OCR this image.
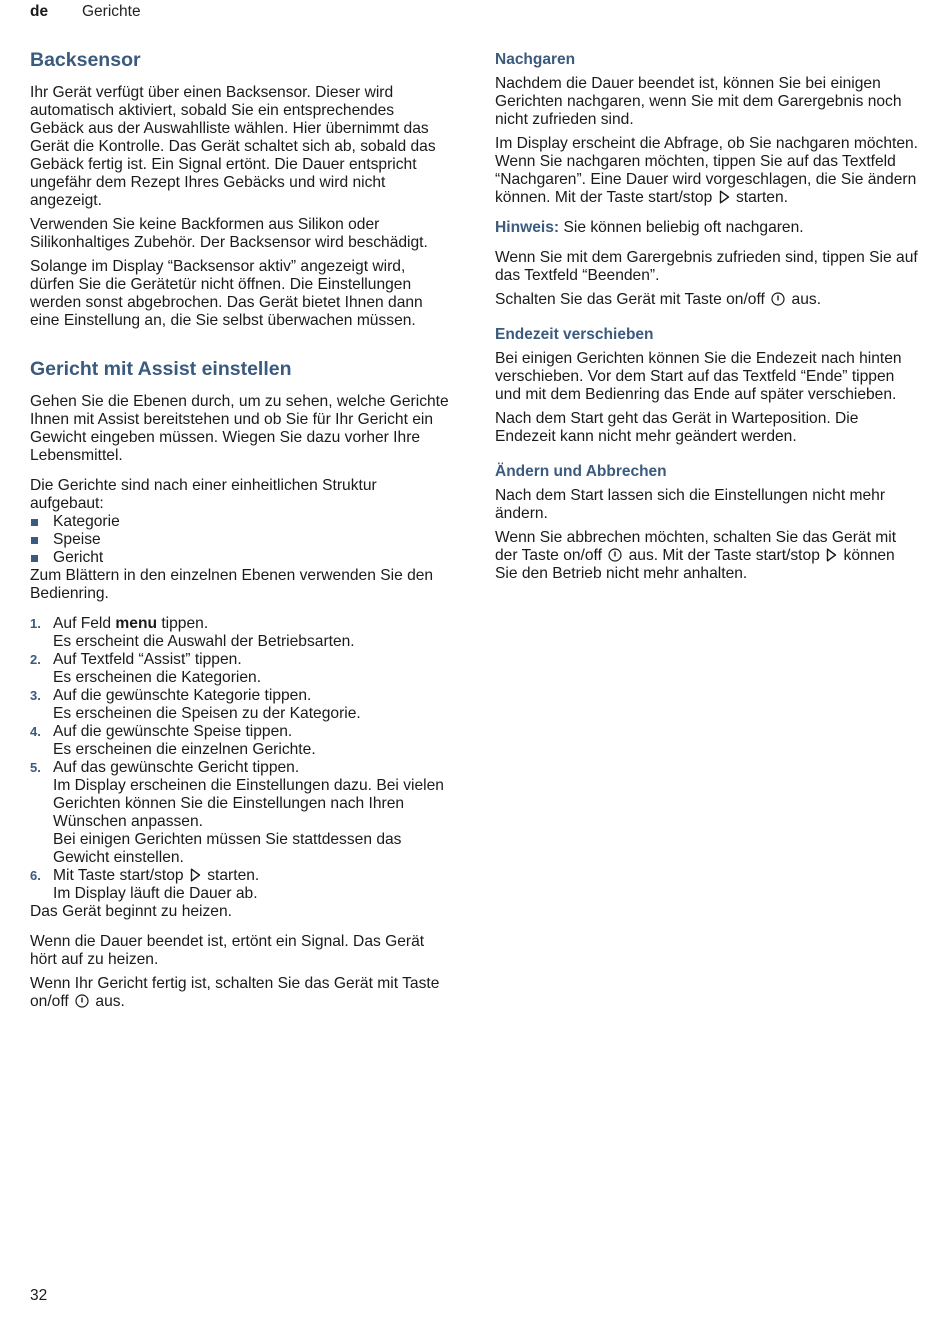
de	Gerichte
Backsensor

Ihr Gerät verfügt über einen Backsensor. Dieser wird automatisch aktiviert, sobald Sie ein entsprechendes Gebäck aus der Auswahlliste wählen. Hier übernimmt das Gerät die Kontrolle. Das Gerät schaltet sich ab, sobald das Gebäck fertig ist. Ein Signal ertönt. Die Dauer entspricht ungefähr dem Rezept Ihres Gebäcks und wird nicht angezeigt.

Verwenden Sie keine Backformen aus Silikon oder Silikonhaltiges Zubehör. Der Backsensor wird beschädigt.

Solange im Display “Backsensor aktiv” angezeigt wird, dürfen Sie die Gerätetür nicht öffnen. Die Einstellungen werden sonst abgebrochen. Das Gerät bietet Ihnen dann eine Einstellung an, die Sie selbst überwachen müssen.

Gericht mit Assist einstellen

Gehen Sie die Ebenen durch, um zu sehen, welche Gerichte Ihnen mit Assist bereitstehen und ob Sie für Ihr Gericht ein Gewicht eingeben müssen. Wiegen Sie dazu vorher Ihre Lebensmittel.

Die Gerichte sind nach einer einheitlichen Struktur aufgebaut:
Kategorie
Speise
Gericht

Zum Blättern in den einzelnen Ebenen verwenden Sie den Bedienring.

1. Auf Feld menu tippen.
Es erscheint die Auswahl der Betriebsarten.
2. Auf Textfeld “Assist” tippen.
Es erscheinen die Kategorien.
3. Auf die gewünschte Kategorie tippen.
Es erscheinen die Speisen zu der Kategorie.
4. Auf die gewünschte Speise tippen.
Es erscheinen die einzelnen Gerichte.
5. Auf das gewünschte Gericht tippen.
Im Display erscheinen die Einstellungen dazu. Bei vielen Gerichten können Sie die Einstellungen nach Ihren Wünschen anpassen.
Bei einigen Gerichten müssen Sie stattdessen das Gewicht einstellen.
6. Mit Taste start/stop  starten.
Im Display läuft die Dauer ab.

Das Gerät beginnt zu heizen.

Wenn die Dauer beendet ist, ertönt ein Signal. Das Gerät hört auf zu heizen.

Wenn Ihr Gericht fertig ist, schalten Sie das Gerät mit Taste on/off  aus.

Nachgaren

Nachdem die Dauer beendet ist, können Sie bei einigen Gerichten nachgaren, wenn Sie mit dem Garergebnis noch nicht zufrieden sind.

Im Display erscheint die Abfrage, ob Sie nachgaren möchten. Wenn Sie nachgaren möchten, tippen Sie auf das Textfeld “Nachgaren”. Eine Dauer wird vorgeschlagen, die Sie ändern können. Mit der Taste start/stop  starten.

Hinweis: Sie können beliebig oft nachgaren.

Wenn Sie mit dem Garergebnis zufrieden sind, tippen Sie auf das Textfeld “Beenden”.

Schalten Sie das Gerät mit Taste on/off  aus.

Endezeit verschieben

Bei einigen Gerichten können Sie die Endezeit nach hinten verschieben. Vor dem Start auf das Textfeld “Ende” tippen und mit dem Bedienring das Ende auf später verschieben.

Nach dem Start geht das Gerät in Warteposition. Die Endezeit kann nicht mehr geändert werden.

Ändern und Abbrechen

Nach dem Start lassen sich die Einstellungen nicht mehr ändern.

Wenn Sie abbrechen möchten, schalten Sie das Gerät mit der Taste on/off  aus. Mit der Taste start/stop  können Sie den Betrieb nicht mehr anhalten.

32
